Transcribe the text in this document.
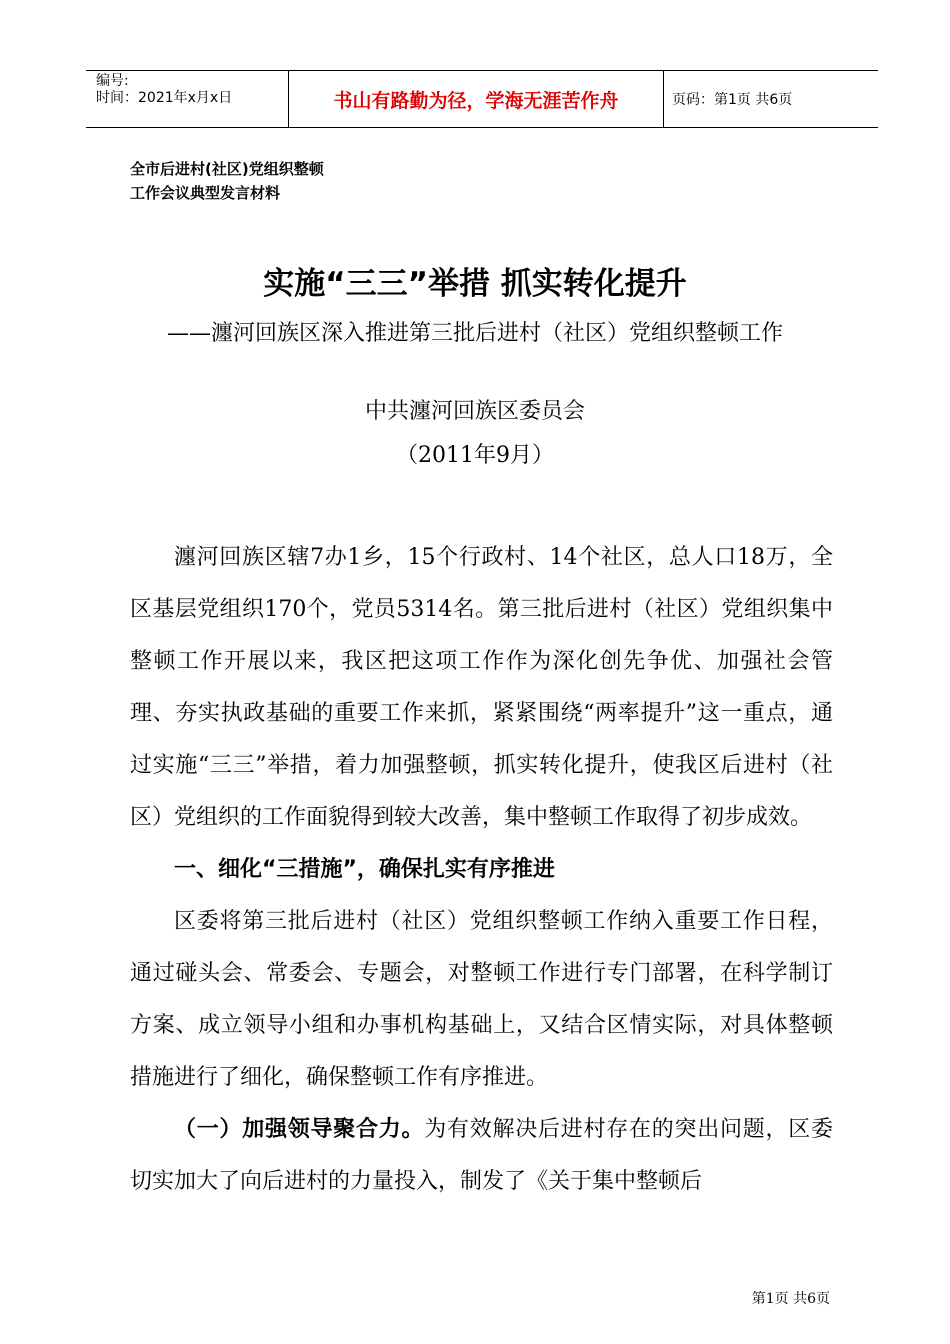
编号:
时间：2021年x月x日	书山有路勤为径，学海无涯苦作舟	页码：第1页 共6页
全市后进村(社区)党组织整顿
工作会议典型发言材料
实施“三三”举措 抓实转化提升
——瀍河回族区深入推进第三批后进村（社区）党组织整顿工作
中共瀍河回族区委员会
（2011年9月）

瀍河回族区辖7办1乡，15个行政村、14个社区，总人口18万，全区基层党组织170个，党员5314名。第三批后进村（社区）党组织集中整顿工作开展以来，我区把这项工作作为深化创先争优、加强社会管理、夯实执政基础的重要工作来抓，紧紧围绕“两率提升”这一重点，通过实施“三三”举措，着力加强整顿，抓实转化提升，使我区后进村（社区）党组织的工作面貌得到较大改善，集中整顿工作取得了初步成效。

一、细化“三措施”，确保扎实有序推进

区委将第三批后进村（社区）党组织整顿工作纳入重要工作日程，通过碰头会、常委会、专题会，对整顿工作进行专门部署，在科学制订方案、成立领导小组和办事机构基础上，又结合区情实际，对具体整顿措施进行了细化，确保整顿工作有序推进。

（一）加强领导聚合力。为有效解决后进村存在的突出问题，区委切实加大了向后进村的力量投入，制发了《关于集中整顿后

第1页 共6页
